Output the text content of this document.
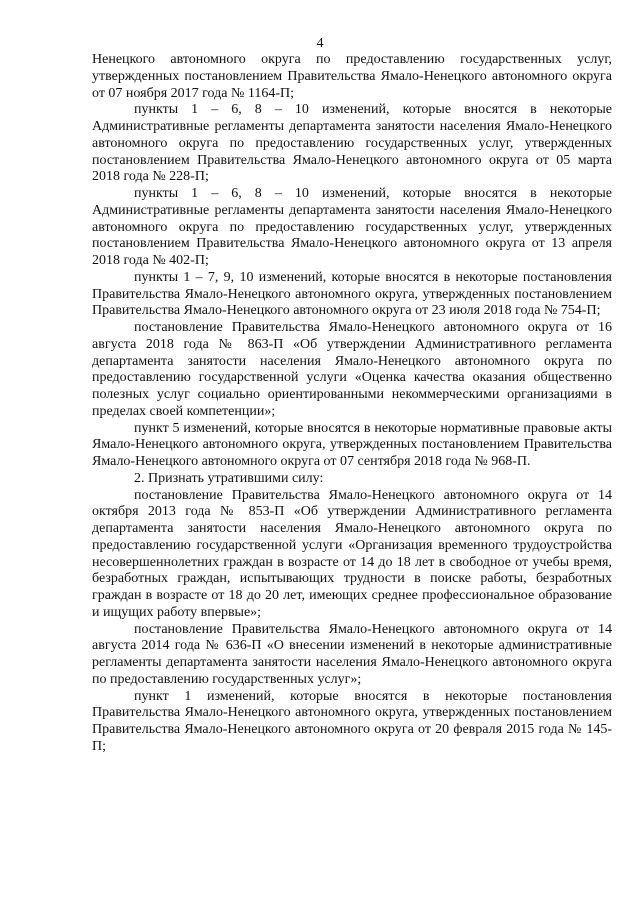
4

Ненецкого автономного округа по предоставлению государственных услуг, утвержденных постановлением Правительства Ямало-Ненецкого автономного округа от 07 ноября 2017 года № 1164-П;

пункты 1 – 6, 8 – 10 изменений, которые вносятся в некоторые Административные регламенты департамента занятости населения Ямало-Ненецкого автономного округа по предоставлению государственных услуг, утвержденных постановлением Правительства Ямало-Ненецкого автономного округа от 05 марта 2018 года № 228-П;

пункты 1 – 6, 8 – 10 изменений, которые вносятся в некоторые Административные регламенты департамента занятости населения Ямало-Ненецкого автономного округа по предоставлению государственных услуг, утвержденных постановлением Правительства Ямало-Ненецкого автономного округа от 13 апреля 2018 года № 402-П;

пункты 1 – 7, 9, 10 изменений, которые вносятся в некоторые постановления Правительства Ямало-Ненецкого автономного округа, утвержденных постановлением Правительства Ямало-Ненецкого автономного округа от 23 июля 2018 года № 754-П;

постановление Правительства Ямало-Ненецкого автономного округа от 16 августа 2018 года № 863-П «Об утверждении Административного регламента департамента занятости населения Ямало-Ненецкого автономного округа по предоставлению государственной услуги «Оценка качества оказания общественно полезных услуг социально ориентированными некоммерческими организациями в пределах своей компетенции»;

пункт 5 изменений, которые вносятся в некоторые нормативные правовые акты Ямало-Ненецкого автономного округа, утвержденных постановлением Правительства Ямало-Ненецкого автономного округа от 07 сентября 2018 года № 968-П.

2. Признать утратившими силу:

постановление Правительства Ямало-Ненецкого автономного округа от 14 октября 2013 года № 853-П «Об утверждении Административного регламента департамента занятости населения Ямало-Ненецкого автономного округа по предоставлению государственной услуги «Организация временного трудоустройства несовершеннолетних граждан в возрасте от 14 до 18 лет в свободное от учебы время, безработных граждан, испытывающих трудности в поиске работы, безработных граждан в возрасте от 18 до 20 лет, имеющих среднее профессиональное образование и ищущих работу впервые»;

постановление Правительства Ямало-Ненецкого автономного округа от 14 августа 2014 года № 636-П «О внесении изменений в некоторые административные регламенты департамента занятости населения Ямало-Ненецкого автономного округа по предоставлению государственных услуг»;

пункт 1 изменений, которые вносятся в некоторые постановления Правительства Ямало-Ненецкого автономного округа, утвержденных постановлением Правительства Ямало-Ненецкого автономного округа от 20 февраля 2015 года № 145-П;
